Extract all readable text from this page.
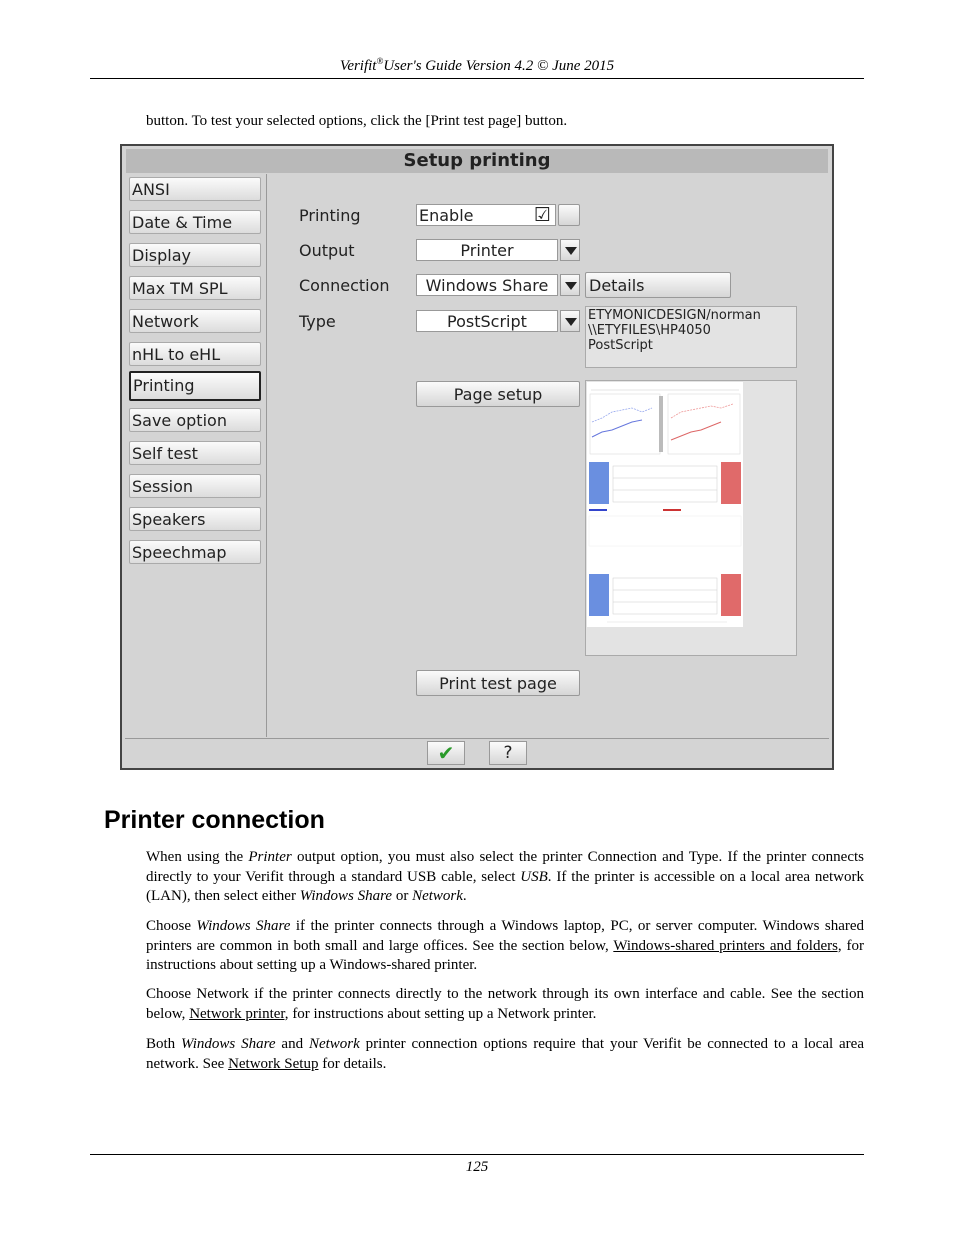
Verifit®User's Guide Version 4.2 © June 2015
button. To test your selected options, click the [Print test page] button.
Setup printing
ANSI
Date & Time
Display
Max TM SPL
Network
nHL to eHL
Printing
Save option
Self test
Session
Speakers
Speechmap
Printing	Enable	☑
Output	Printer
Connection	Windows Share	Details
Type	PostScript	ETYMONICDESIGN/norman
\\ETYFILES\HP4050
PostScript
Page setup
Print test page
✔	?
Printer connection

When using the Printer output option, you must also select the printer Connection and Type. If the printer connects directly to your Verifit through a standard USB cable, select USB. If the printer is accessible on a local area network (LAN), then select either Windows Share or Network.

Choose Windows Share if the printer connects through a Windows laptop, PC, or server computer. Windows shared printers are common in both small and large offices. See the section below, Windows-shared printers and folders, for instructions about setting up a Windows-shared printer.

Choose Network if the printer connects directly to the network through its own interface and cable. See the section below, Network printer, for instructions about setting up a Network printer.

Both Windows Share and Network printer connection options require that your Verifit be connected to a local area network. See Network Setup for details.

125
